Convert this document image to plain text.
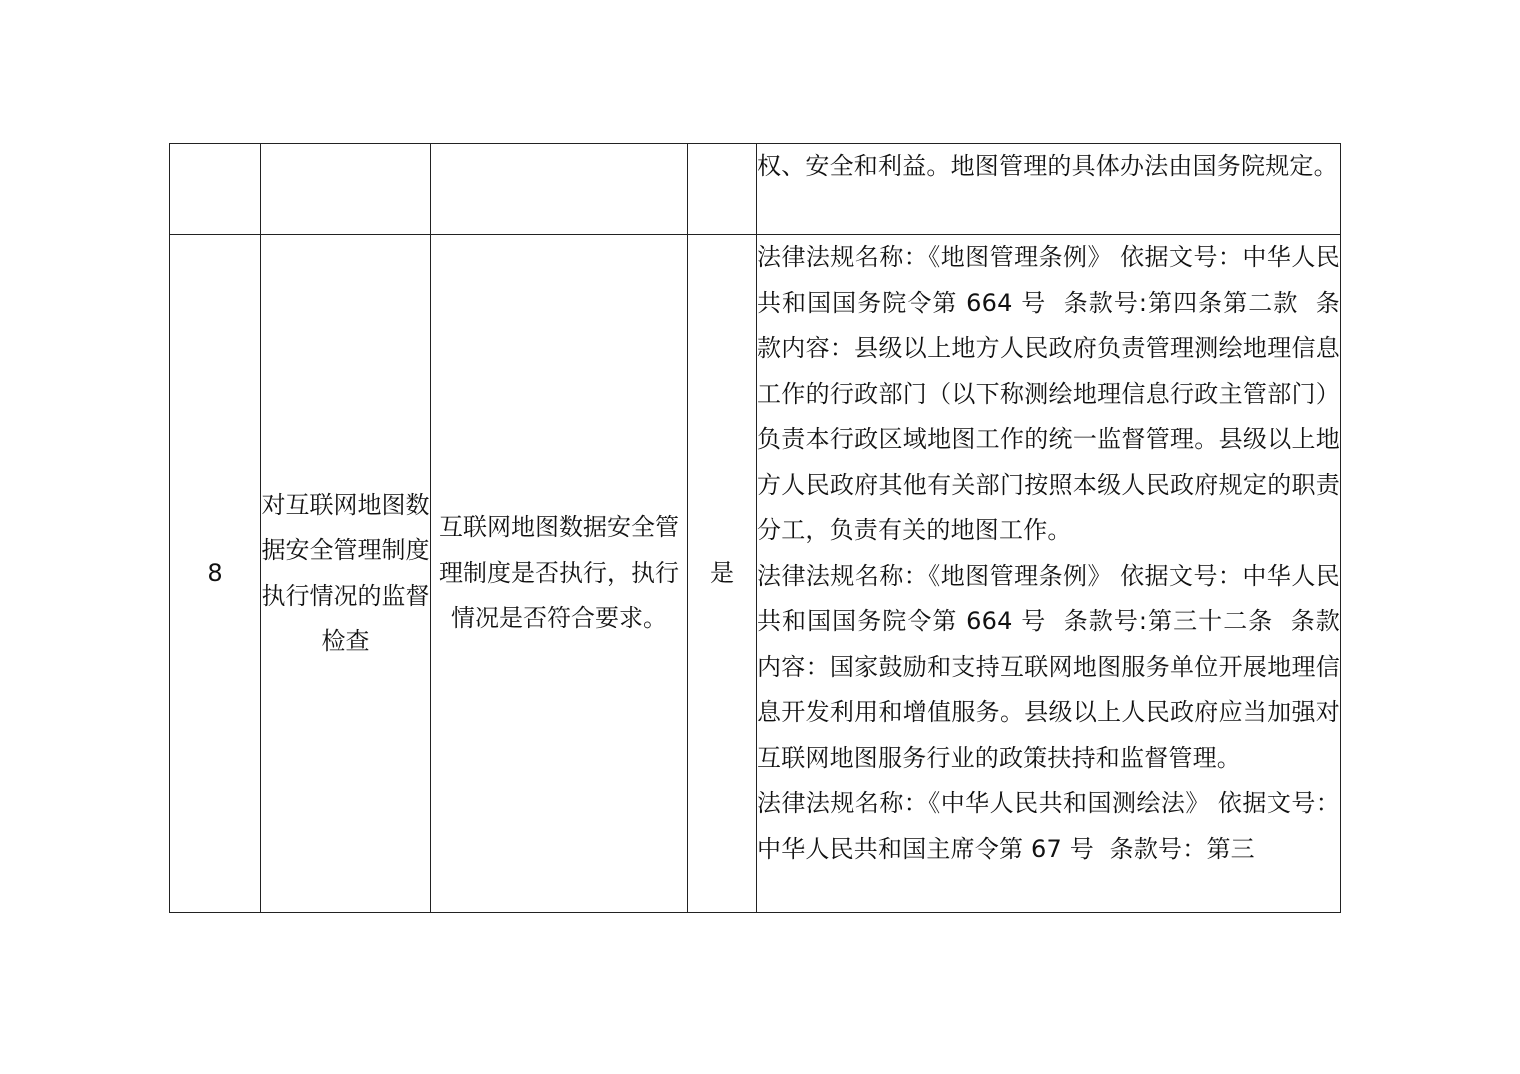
				权、安全和利益。地图管理的具体办法由国务院规定。

8	对互联网地图数据安全管理制度执行情况的监督检查	互联网地图数据安全管理制度是否执行，执行情况是否符合要求。	是	法律法规名称：《地图管理条例》 依据文号：中华人民共和国国务院令第 664 号  条款号:第四条第二款  条款内容：县级以上地方人民政府负责管理测绘地理信息工作的行政部门（以下称测绘地理信息行政主管部门）负责本行政区域地图工作的统一监督管理。县级以上地方人民政府其他有关部门按照本级人民政府规定的职责分工，负责有关的地图工作。

法律法规名称：《地图管理条例》 依据文号：中华人民共和国国务院令第 664 号  条款号:第三十二条  条款内容：国家鼓励和支持互联网地图服务单位开展地理信息开发利用和增值服务。县级以上人民政府应当加强对互联网地图服务行业的政策扶持和监督管理。

法律法规名称：《中华人民共和国测绘法》 依据文号：中华人民共和国主席令第 67 号  条款号：第三
